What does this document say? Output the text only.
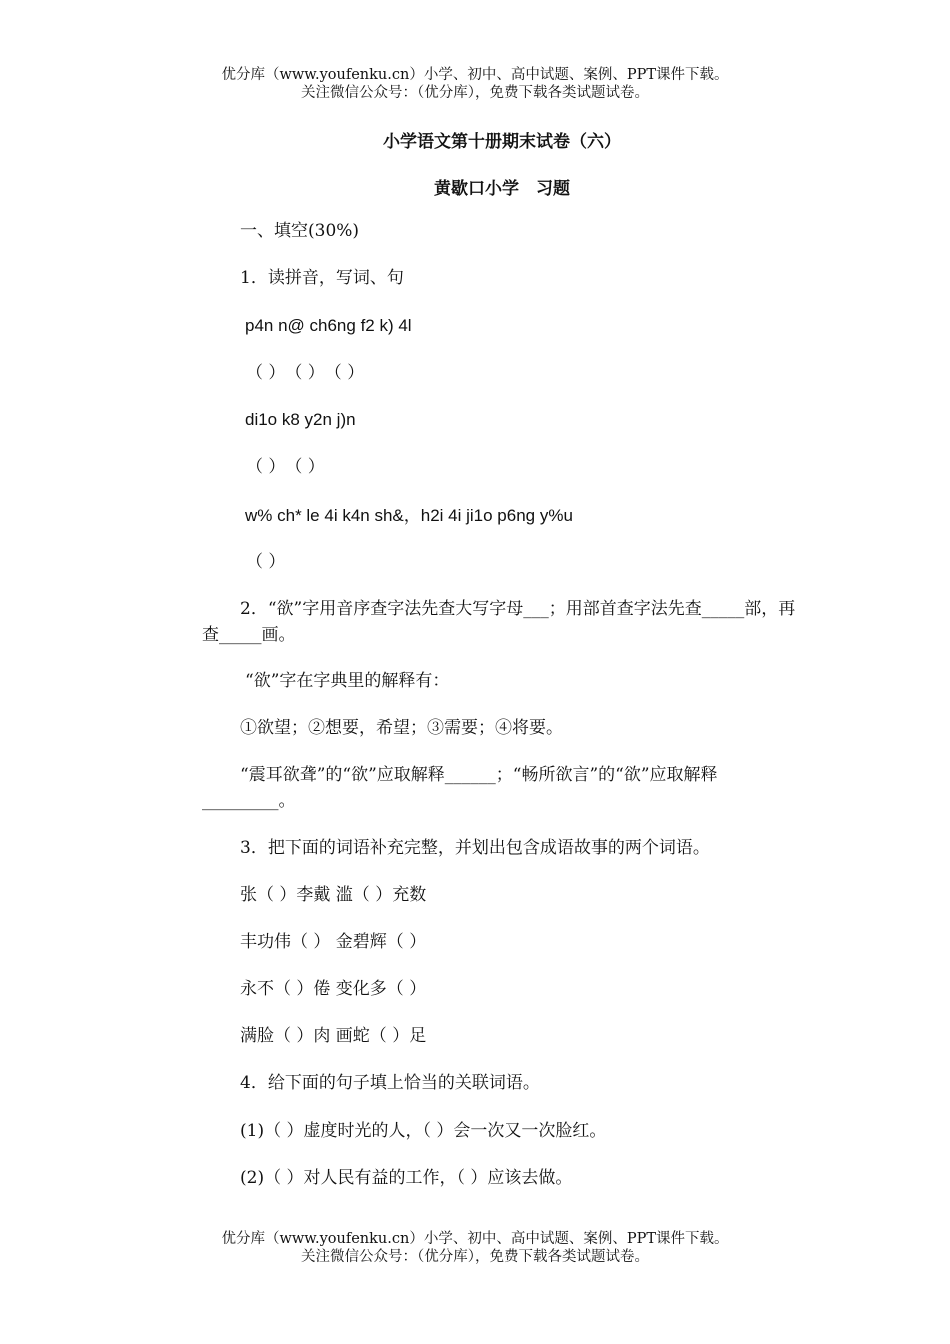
优分库（www.youfenku.cn）小学、初中、高中试题、案例、PPT课件下载。
关注微信公众号：（优分库），免费下载各类试题试卷。
小学语文第十册期末试卷（六）
黄歇口小学　习题
一、填空(30%)
1．读拼音，写词、句
p4n n@ ch6ng f2 k) 4l
（ ）　（ ）　（ ）
di1o k8 y2n j)n
（ ）　（ ）
w% ch* le 4i k4n sh&，h2i 4i ji1o p6ng y%u
（ ）
2．“欲”字用音序查字法先查大写字母___；用部首查字法先查_____部，再查_____画。
“欲”字在字典里的解释有：
①欲望；②想要，希望；③需要；④将要。
“震耳欲聋”的“欲”应取解释______；“畅所欲言”的“欲”应取解释_________。
3．把下面的词语补充完整，并划出包含成语故事的两个词语。
张（ ）李戴 滥（ ）充数
丰功伟（ ） 金碧辉（ ）
永不（ ）倦 变化多（ ）
满脸（ ）肉 画蛇（ ）足
4．给下面的句子填上恰当的关联词语。
(1)（ ）虚度时光的人，（ ）会一次又一次脸红。
(2)（ ）对人民有益的工作，（ ）应该去做。
优分库（www.youfenku.cn）小学、初中、高中试题、案例、PPT课件下载。
关注微信公众号：（优分库），免费下载各类试题试卷。
